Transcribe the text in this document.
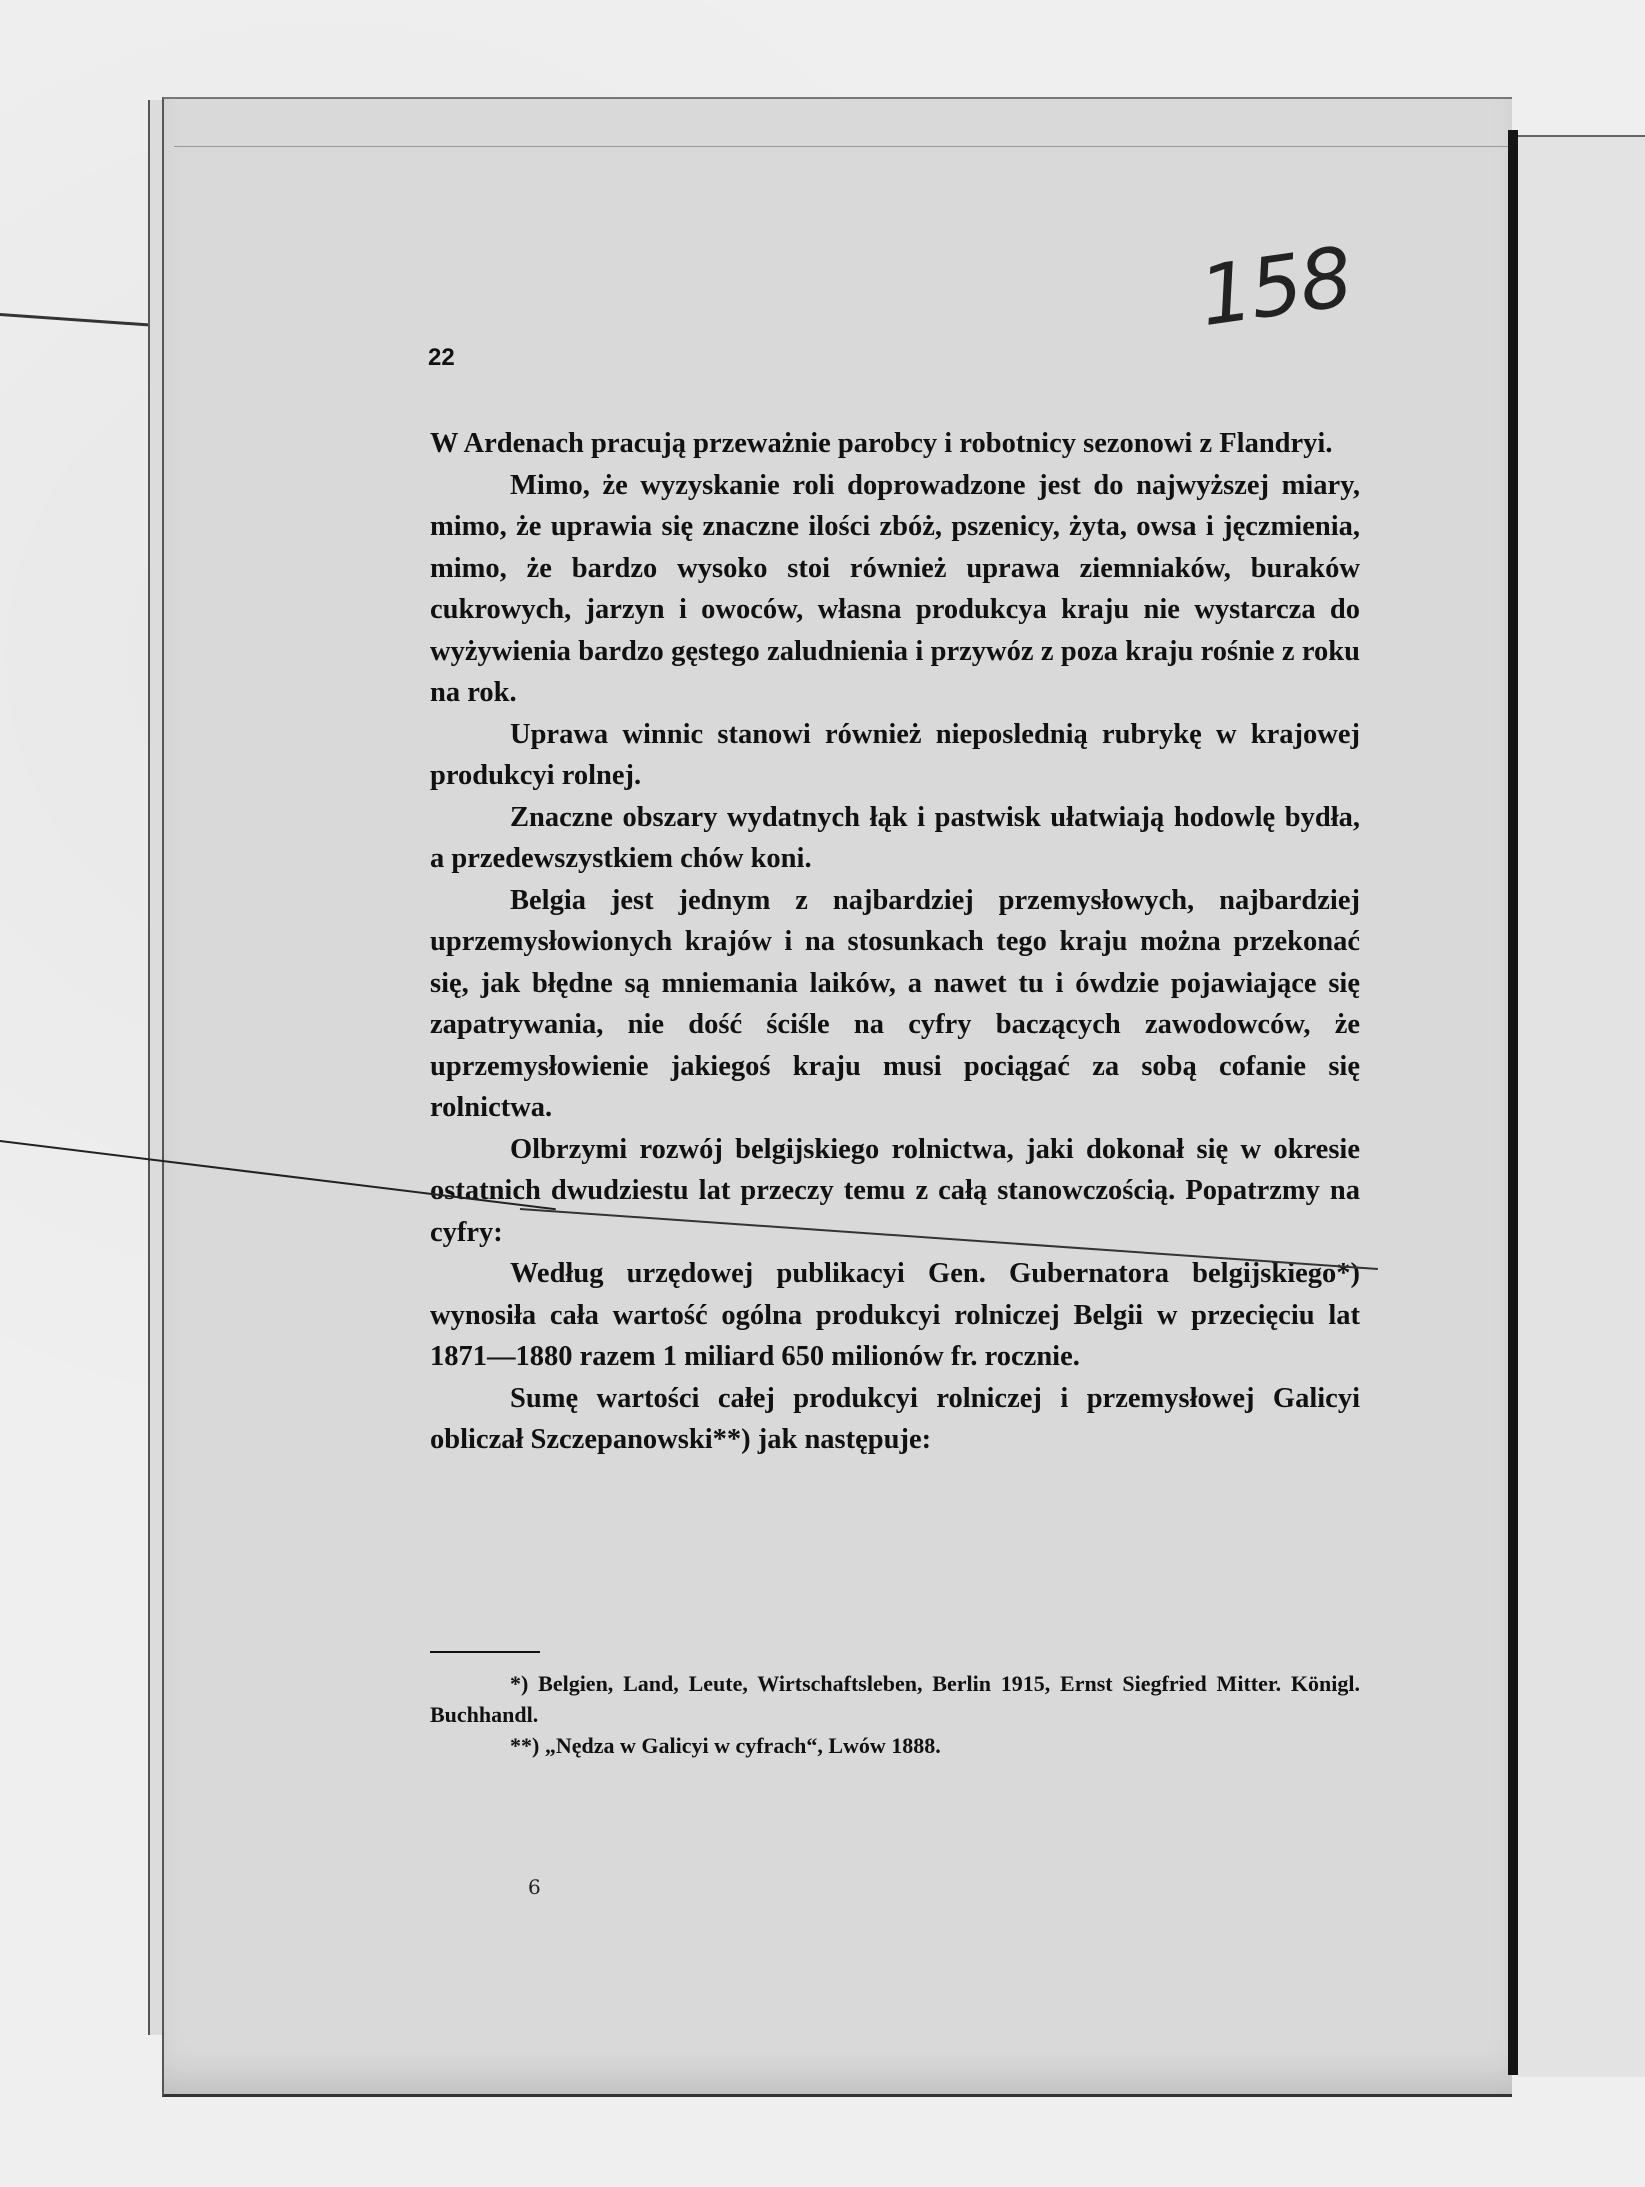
22
158

W Ardenach pracują przeważnie parobcy i robotnicy sezonowi z Flandryi.

Mimo, że wyzyskanie roli doprowadzone jest do najwyższej miary, mimo, że uprawia się znaczne ilości zbóż, pszenicy, żyta, owsa i jęczmienia, mimo, że bardzo wysoko stoi również uprawa ziemniaków, buraków cukrowych, jarzyn i owoców, własna produkcya kraju nie wystarcza do wyżywienia bardzo gęstego zaludnienia i przywóz z poza kraju rośnie z roku na rok.

Uprawa winnic stanowi również nieposlednią rubrykę w krajowej produkcyi rolnej.

Znaczne obszary wydatnych łąk i pastwisk ułatwiają hodowlę bydła, a przedewszystkiem chów koni.

Belgia jest jednym z najbardziej przemysłowych, najbardziej uprzemysłowionych krajów i na stosunkach tego kraju można przekonać się, jak błędne są mniemania laików, a nawet tu i ówdzie pojawiające się zapatrywania, nie dość ściśle na cyfry baczących zawodowców, że uprzemysłowienie jakiegoś kraju musi pociągać za sobą cofanie się rolnictwa.

Olbrzymi rozwój belgijskiego rolnictwa, jaki dokonał się w okresie ostatnich dwudziestu lat przeczy temu z całą stanowczością. Popatrzmy na cyfry:

Według urzędowej publikacyi Gen. Gubernatora belgijskiego*) wynosiła cała wartość ogólna produkcyi rolniczej Belgii w przecięciu lat 1871—1880 razem 1 miliard 650 milionów fr. rocznie.

Sumę wartości całej produkcyi rolniczej i przemysłowej Galicyi obliczał Szczepanowski**) jak następuje:

*) Belgien, Land, Leute, Wirtschaftsleben, Berlin 1915, Ernst Siegfried Mitter. Königl. Buchhandl.

**) „Nędza w Galicyi w cyfrach“, Lwów 1888.

6
